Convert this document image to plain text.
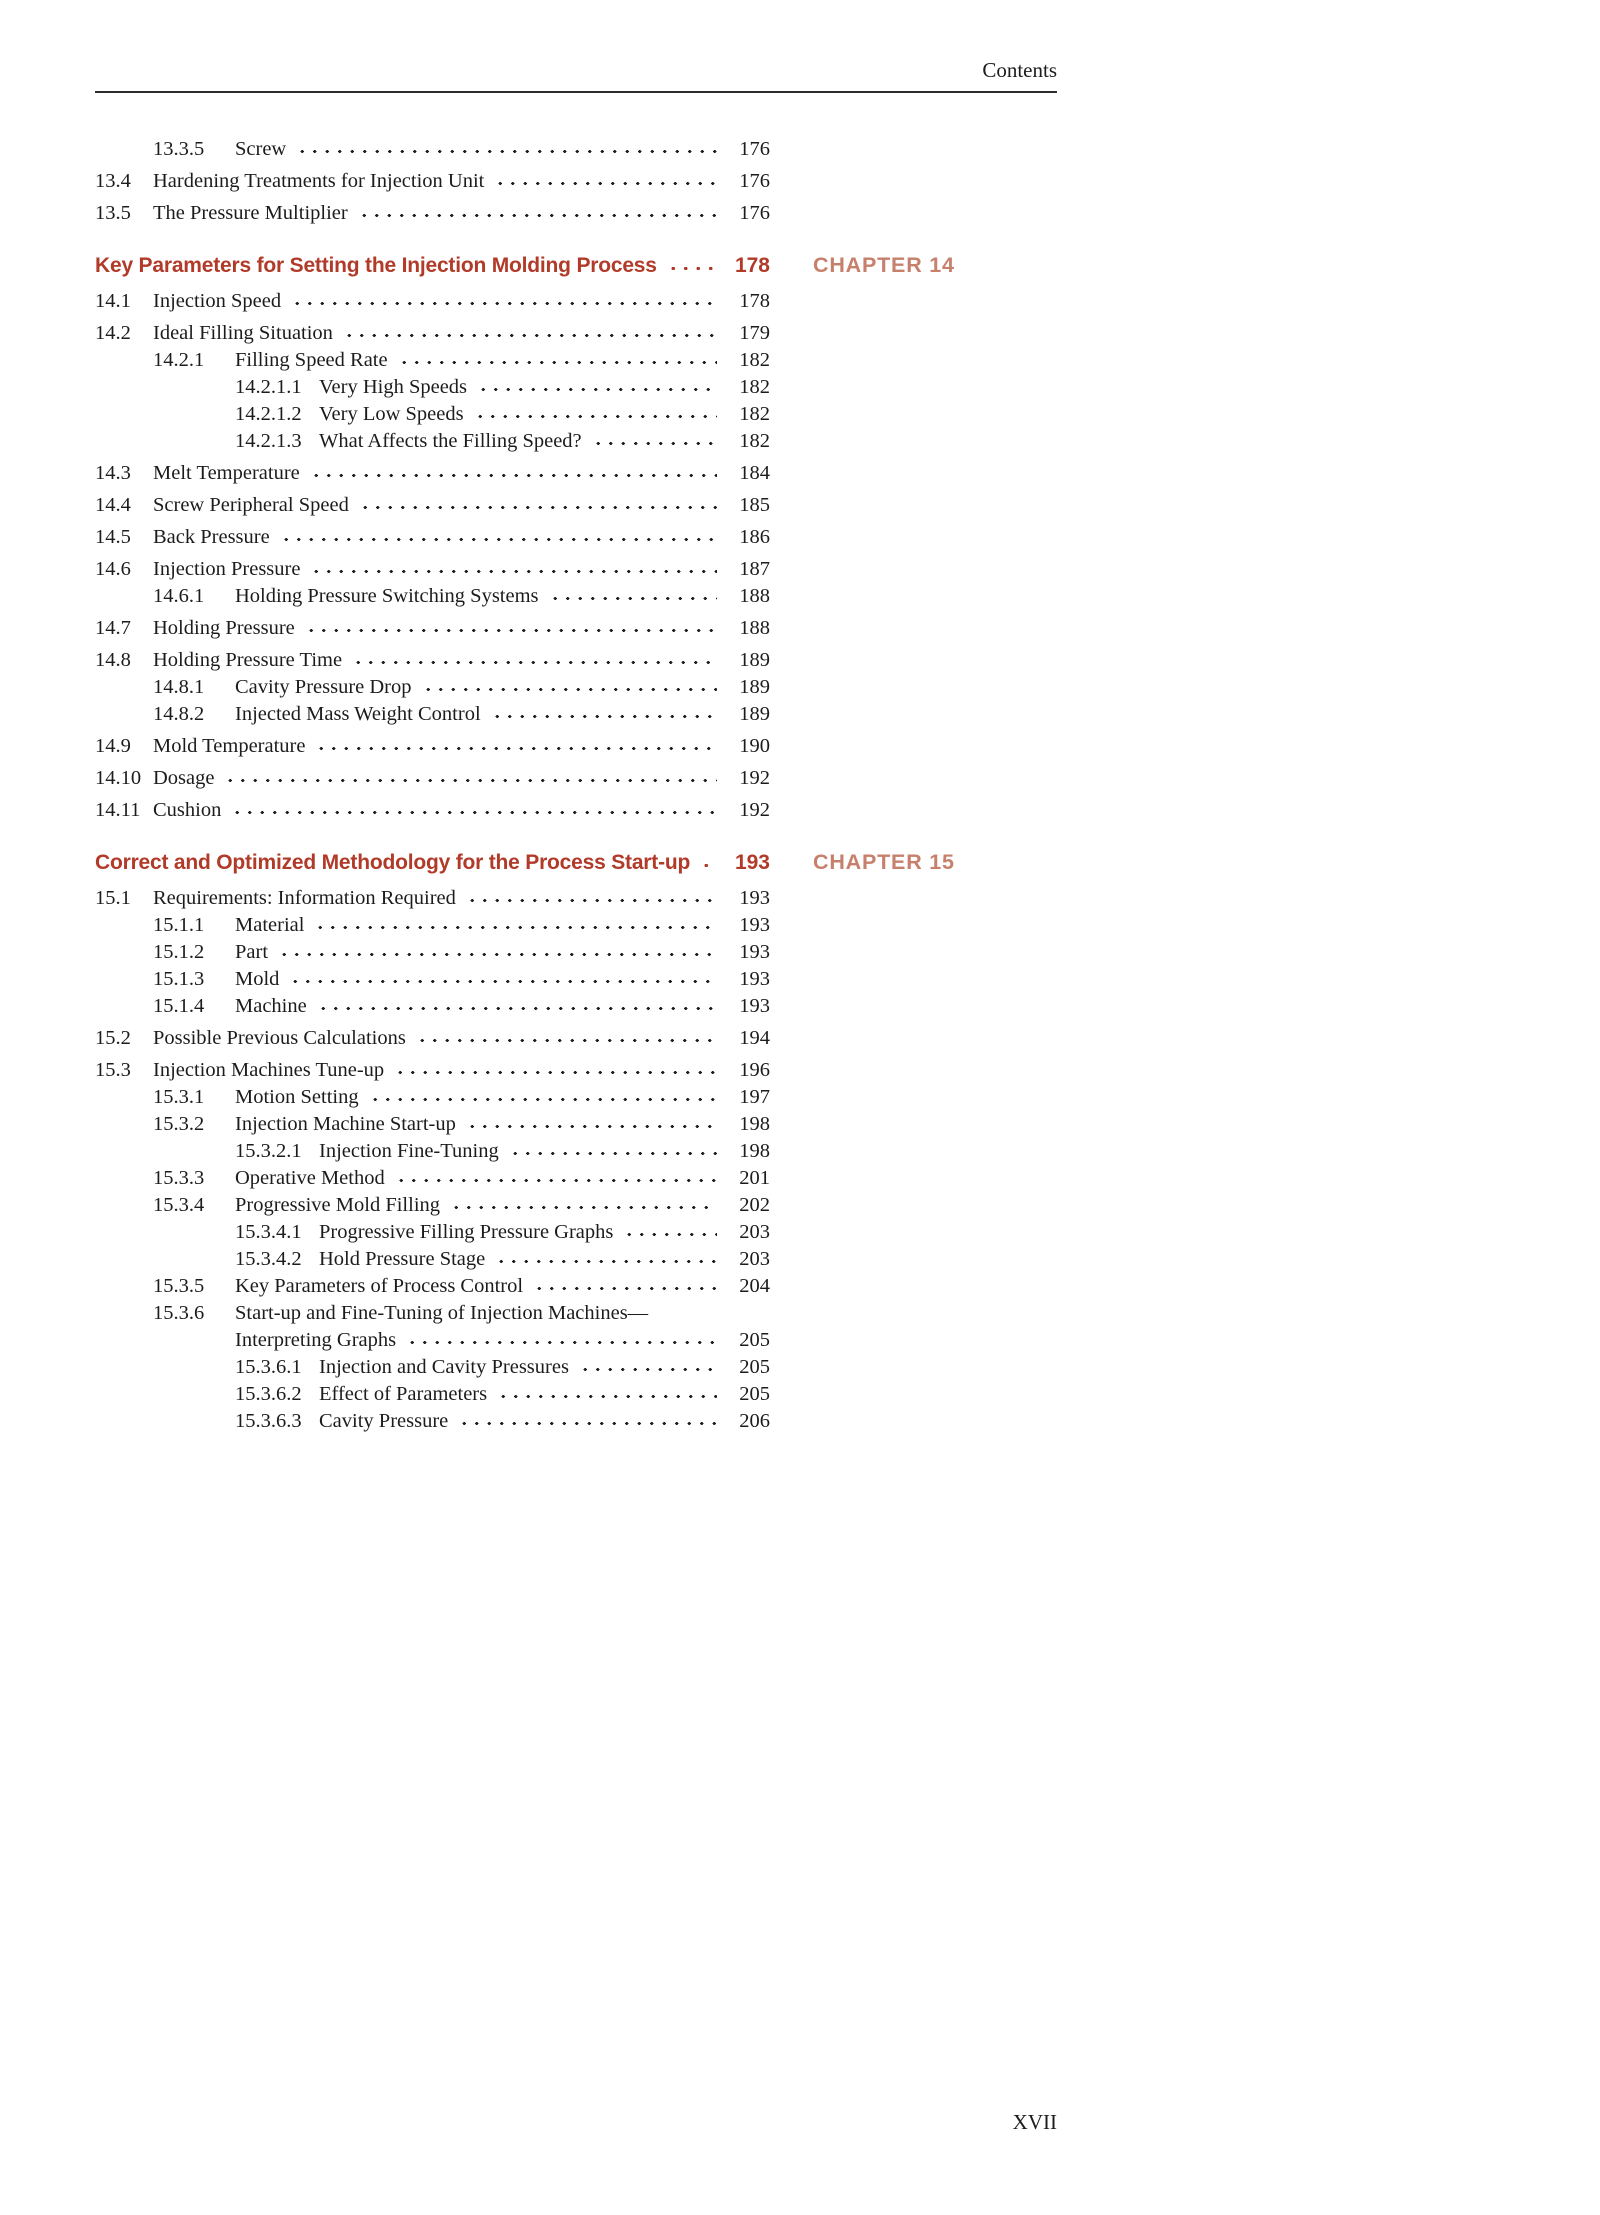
Contents
13.3.5	Screw	176
13.4	Hardening Treatments for Injection Unit	176
13.5	The Pressure Multiplier	176
Key Parameters for Setting the Injection Molding Process	178 CHAPTER 14
14.1	Injection Speed	178
14.2	Ideal Filling Situation	179
14.2.1	Filling Speed Rate	182
14.2.1.1 Very High Speeds	182
14.2.1.2 Very Low Speeds	182
14.2.1.3 What Affects the Filling Speed?	182
14.3	Melt Temperature	184
14.4	Screw Peripheral Speed	185
14.5	Back Pressure	186
14.6	Injection Pressure	187
14.6.1	Holding Pressure Switching Systems	188
14.7	Holding Pressure	188
14.8	Holding Pressure Time	189
14.8.1	Cavity Pressure Drop	189
14.8.2	Injected Mass Weight Control	189
14.9	Mold Temperature	190
14.10 Dosage	192
14.11 Cushion	192
Correct and Optimized Methodology for the Process Start-up	193 CHAPTER 15
15.1	Requirements: Information Required	193
15.1.1	Material	193
15.1.2	Part	193
15.1.3	Mold	193
15.1.4	Machine	193
15.2	Possible Previous Calculations	194
15.3	Injection Machines Tune-up	196
15.3.1	Motion Setting	197
15.3.2	Injection Machine Start-up	198
15.3.2.1 Injection Fine-Tuning	198
15.3.3	Operative Method	201
15.3.4	Progressive Mold Filling	202
15.3.4.1 Progressive Filling Pressure Graphs	203
15.3.4.2 Hold Pressure Stage	203
15.3.5	Key Parameters of Process Control	204
15.3.6	Start-up and Fine-Tuning of Injection Machines—
Interpreting Graphs	205
15.3.6.1 Injection and Cavity Pressures	205
15.3.6.2 Effect of Parameters	205
15.3.6.3 Cavity Pressure	206
XVII
